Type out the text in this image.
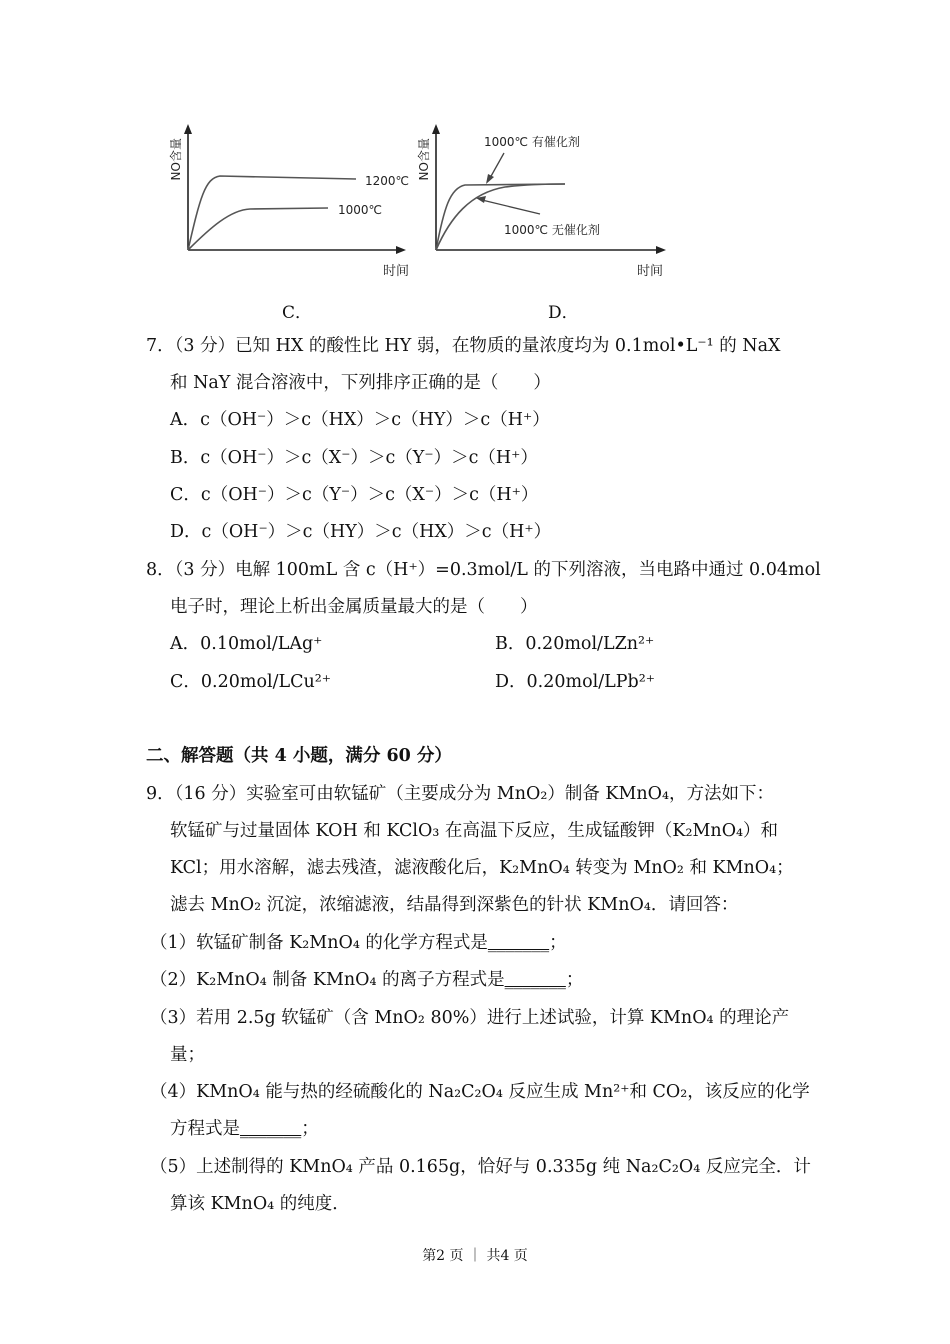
NO含量
1200℃
1000℃
时间
NO含量	1000℃ 有催化剂
1000℃ 无催化剂
时间
C．	D．
7．（3 分）已知 HX 的酸性比 HY 弱，在物质的量浓度均为 0.1mol•L⁻¹ 的 NaX
和 NaY 混合溶液中，下列排序正确的是（　　）
A．c（OH⁻）＞c（HX）＞c（HY）＞c（H⁺）
B．c（OH⁻）＞c（X⁻）＞c（Y⁻）＞c（H⁺）
C．c（OH⁻）＞c（Y⁻）＞c（X⁻）＞c（H⁺）
D．c（OH⁻）＞c（HY）＞c（HX）＞c（H⁺）
8．（3 分）电解 100mL 含 c（H⁺）=0.3mol/L 的下列溶液，当电路中通过 0.04mol
电子时，理论上析出金属质量最大的是（　　）
A．0.10mol/LAg⁺	B．0.20mol/LZn²⁺
C．0.20mol/LCu²⁺	D．0.20mol/LPb²⁺
二、解答题（共 4 小题，满分 60 分）
9．（16 分）实验室可由软锰矿（主要成分为 MnO₂）制备 KMnO₄，方法如下：
软锰矿与过量固体 KOH 和 KClO₃ 在高温下反应，生成锰酸钾（K₂MnO₄）和
KCl；用水溶解，滤去残渣，滤液酸化后，K₂MnO₄ 转变为 MnO₂ 和 KMnO₄；
滤去 MnO₂ 沉淀，浓缩滤液，结晶得到深紫色的针状 KMnO₄．请回答：
（1）软锰矿制备 K₂MnO₄ 的化学方程式是_______；
（2）K₂MnO₄ 制备 KMnO₄ 的离子方程式是_______；
（3）若用 2.5g 软锰矿（含 MnO₂ 80%）进行上述试验，计算 KMnO₄ 的理论产
量；
（4）KMnO₄ 能与热的经硫酸化的 Na₂C₂O₄ 反应生成 Mn²⁺和 CO₂，该反应的化学
方程式是_______；
（5）上述制得的 KMnO₄ 产品 0.165g，恰好与 0.335g 纯 Na₂C₂O₄ 反应完全．计
算该 KMnO₄ 的纯度．
第2 页 ｜ 共4 页
